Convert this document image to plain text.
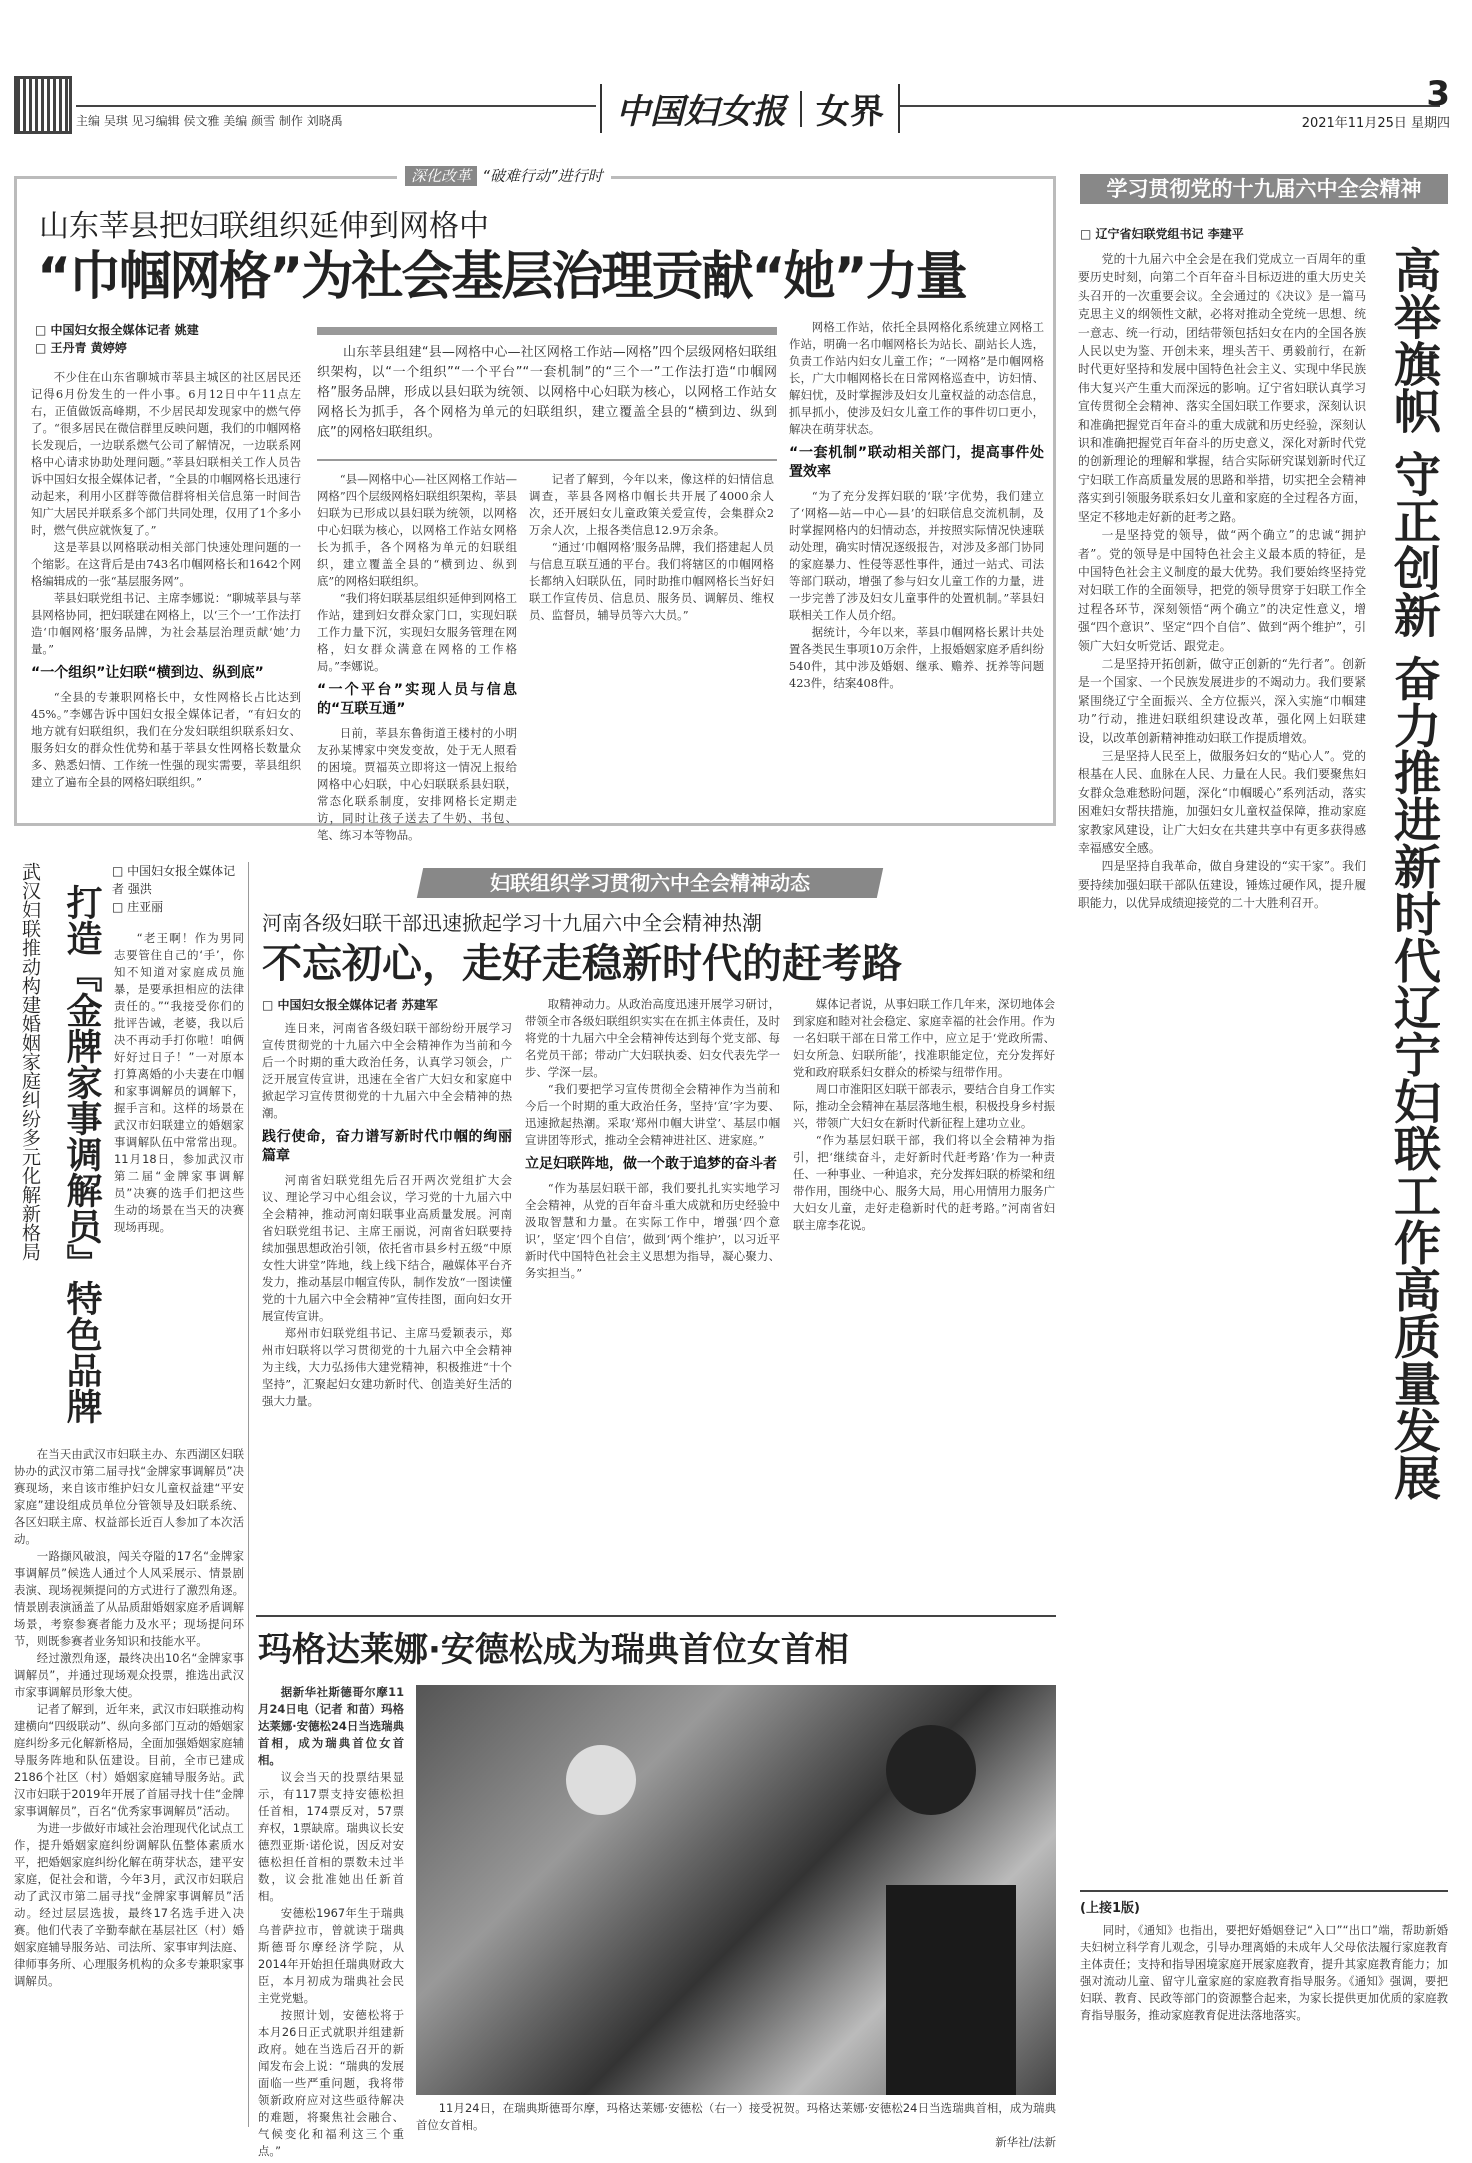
主编 吴琪 见习编辑 侯文雅 美编 颜雪 制作 刘晓禹	中国妇女报 女界	3
2021年11月25日 星期四
深化改革 “破难行动”进行时
山东莘县把妇联组织延伸到网格中
“巾帼网格”为社会基层治理贡献“她”力量
□ 中国妇女报全媒体记者 姚建
□ 王丹青 黄婷婷	山东莘县组建“县—网格中心—社区网格工作站—网格”四个层级网格妇联组织架构，以“一个组织”“一个平台”“一套机制”的“三个一”工作法打造“巾帼网格”服务品牌，形成以县妇联为统领、以网格中心妇联为核心，以网格工作站女网格长为抓手，各个网格为单元的妇联组织，建立覆盖全县的“横到边、纵到底”的网格妇联组织。

不少住在山东省聊城市莘县主城区的社区居民还记得6月份发生的一件小事。6月12日中午11点左右，正值做饭高峰期，不少居民却发现家中的燃气停了。“很多居民在微信群里反映问题，我们的巾帼网格长发现后，一边联系燃气公司了解情况，一边联系网格中心请求协助处理问题。”莘县妇联相关工作人员告诉中国妇女报全媒体记者，“全县的巾帼网格长迅速行动起来，利用小区群等微信群将相关信息第一时间告知广大居民并联系多个部门共同处理，仅用了1个多小时，燃气供应就恢复了。”

这是莘县以网格联动相关部门快速处理问题的一个缩影。在这背后是由743名巾帼网格长和1642个网格编辑成的一张“基层服务网”。

莘县妇联党组书记、主席李娜说：“聊城莘县与莘县网格协同，把妇联建在网格上，以‘三个一’工作法打造‘巾帼网格’服务品牌，为社会基层治理贡献‘她’力量。”

“一个组织”让妇联“横到边、纵到底”

“全县的专兼职网格长中，女性网格长占比达到45%。”李娜告诉中国妇女报全媒体记者，“有妇女的地方就有妇联组织，我们在分发妇联组织联系妇女、服务妇女的群众性优势和基于莘县女性网格长数量众多、熟悉妇情、工作统一性强的现实需要，莘县组织建立了遍布全县的网格妇联组织。”

“县—网格中心—社区网格工作站—网格”四个层级网格妇联组织架构，莘县妇联为已形成以县妇联为统领，以网格中心妇联为核心，以网格工作站女网格长为抓手，各个网格为单元的妇联组织，建立覆盖全县的“横到边、纵到底”的网格妇联组织。

“我们将妇联基层组织延伸到网格工作站，建到妇女群众家门口，实现妇联工作力量下沉，实现妇女服务管理在网格，妇女群众满意在网格的工作格局。”李娜说。

“一个平台”实现人员与信息的“互联互通”

日前，莘县东鲁街道王楼村的小明友孙某博家中突发变故，处于无人照看的困境。贾福英立即将这一情况上报给网格中心妇联，中心妇联联系县妇联，常态化联系制度，安排网格长定期走访，同时让孩子送去了牛奶、书包、笔、练习本等物品。

记者了解到，今年以来，像这样的妇情信息调查，莘县各网格巾帼长共开展了4000余人次，还开展妇女儿童政策关爱宣传，会集群众2万余人次，上报各类信息12.9万余条。

“通过‘巾帼网格’服务品牌，我们搭建起人员与信息互联互通的平台。我们将辖区的巾帼网格长都纳入妇联队伍，同时助推巾帼网格长当好妇联工作宣传员、信息员、服务员、调解员、维权员、监督员，辅导员等六大员。”

网格工作站，依托全县网格化系统建立网格工作站，明确一名巾帼网格长为站长、副站长人选，负责工作站内妇女儿童工作；“一网格”是巾帼网格长，广大巾帼网格长在日常网格巡查中，访妇情、解妇忧，及时掌握涉及妇女儿童权益的动态信息，抓早抓小，使涉及妇女儿童工作的事件切口更小，解决在萌芽状态。

“一套机制”联动相关部门，提高事件处置效率

“为了充分发挥妇联的‘联’字优势，我们建立了‘网格—站—中心—县’的妇联信息交流机制，及时掌握网格内的妇情动态，并按照实际情况快速联动处理，确实时情况逐级报告，对涉及多部门协同的家庭暴力、性侵等恶性事件，通过一站式、司法等部门联动，增强了参与妇女儿童工作的力量，进一步完善了涉及妇女儿童事件的处置机制。”莘县妇联相关工作人员介绍。

据统计，今年以来，莘县巾帼网格长累计共处置各类民生事项10万余件，上报婚姻家庭矛盾纠纷540件，其中涉及婚姻、继承、赡养、抚养等问题423件，结案408件。

学习贯彻党的十九届六中全会精神
□ 辽宁省妇联党组书记 李建平
高举旗帜 守正创新 奋力推进新时代辽宁妇联工作高质量发展

党的十九届六中全会是在我们党成立一百周年的重要历史时刻，向第二个百年奋斗目标迈进的重大历史关头召开的一次重要会议。全会通过的《决议》是一篇马克思主义的纲领性文献，必将对推动全党统一思想、统一意志、统一行动，团结带领包括妇女在内的全国各族人民以史为鉴、开创未来，埋头苦干、勇毅前行，在新时代更好坚持和发展中国特色社会主义、实现中华民族伟大复兴产生重大而深远的影响。辽宁省妇联认真学习宣传贯彻全会精神、落实全国妇联工作要求，深刻认识和准确把握党百年奋斗的重大成就和历史经验，深刻认识和准确把握党百年奋斗的历史意义，深化对新时代党的创新理论的理解和掌握，结合实际研究谋划新时代辽宁妇联工作高质量发展的思路和举措，切实把全会精神落实到引领服务联系妇女儿童和家庭的全过程各方面，坚定不移地走好新的赶考之路。

一是坚持党的领导，做“两个确立”的忠诚“拥护者”。党的领导是中国特色社会主义最本质的特征，是中国特色社会主义制度的最大优势。我们要始终坚持党对妇联工作的全面领导，把党的领导贯穿于妇联工作全过程各环节，深刻领悟“两个确立”的决定性意义，增强“四个意识”、坚定“四个自信”、做到“两个维护”，引领广大妇女听党话、跟党走。

二是坚持开拓创新，做守正创新的“先行者”。创新是一个国家、一个民族发展进步的不竭动力。我们要紧紧围绕辽宁全面振兴、全方位振兴，深入实施“巾帼建功”行动，推进妇联组织建设改革，强化网上妇联建设，以改革创新精神推动妇联工作提质增效。

三是坚持人民至上，做服务妇女的“贴心人”。党的根基在人民、血脉在人民、力量在人民。我们要聚焦妇女群众急难愁盼问题，深化“巾帼暖心”系列活动，落实困难妇女帮扶措施，加强妇女儿童权益保障，推动家庭家教家风建设，让广大妇女在共建共享中有更多获得感幸福感安全感。

四是坚持自我革命，做自身建设的“实干家”。我们要持续加强妇联干部队伍建设，锤炼过硬作风，提升履职能力，以优异成绩迎接党的二十大胜利召开。

(上接1版)

同时，《通知》也指出，要把好婚姻登记“入口”“出口”端，帮助新婚夫妇树立科学育儿观念，引导办理离婚的未成年人父母依法履行家庭教育主体责任；支持和指导困境家庭开展家庭教育，提升其家庭教育能力；加强对流动儿童、留守儿童家庭的家庭教育指导服务。《通知》强调，要把妇联、教育、民政等部门的资源整合起来，为家长提供更加优质的家庭教育指导服务，推动家庭教育促进法落地落实。

武汉妇联推动构建婚姻家庭纠纷多元化解新格局 打造『金牌家事调解员』特色品牌
□ 中国妇女报全媒体记者 强洪
□ 庄亚丽

“老王啊！作为男同志要管住自己的‘手’，你知不知道对家庭成员施暴，是要承担相应的法律责任的。”“我接受你们的批评告诫，老婆，我以后决不再动手打你啦！咱俩好好过日子！”一对原本打算离婚的小夫妻在巾帼和家事调解员的调解下，握手言和。这样的场景在武汉市妇联建立的婚姻家事调解队伍中常常出现。11月18日，参加武汉市第二届“金牌家事调解员”决赛的选手们把这些生动的场景在当天的决赛现场再现。

在当天由武汉市妇联主办、东西湖区妇联协办的武汉市第二届寻找“金牌家事调解员”决赛现场，来自该市维护妇女儿童权益建“平安家庭”建设组成员单位分管领导及妇联系统、各区妇联主席、权益部长近百人参加了本次活动。

一路撷风破浪，闯关夺隘的17名“金牌家事调解员”候选人通过个人风采展示、情景剧表演、现场视频提问的方式进行了激烈角逐。情景剧表演涵盖了从品质甜婚姻家庭矛盾调解场景，考察参赛者能力及水平；现场提问环节，则既参赛者业务知识和技能水平。

经过激烈角逐，最终决出10名“金牌家事调解员”，并通过现场观众投票，推选出武汉市家事调解员形象大使。

记者了解到，近年来，武汉市妇联推动构建横向“四级联动”、纵向多部门互动的婚姻家庭纠纷多元化解新格局，全面加强婚姻家庭辅导服务阵地和队伍建设。目前，全市已建成2186个社区（村）婚姻家庭辅导服务站。武汉市妇联于2019年开展了首届寻找十佳“金牌家事调解员”，百名“优秀家事调解员”活动。

为进一步做好市域社会治理现代化试点工作，提升婚姻家庭纠纷调解队伍整体素质水平，把婚姻家庭纠纷化解在萌芽状态，建平安家庭，促社会和谐，今年3月，武汉市妇联启动了武汉市第二届寻找“金牌家事调解员”活动。经过层层选拔，最终17名选手进入决赛。他们代表了辛勤奉献在基层社区（村）婚姻家庭辅导服务站、司法所、家事审判法庭、律师事务所、心理服务机构的众多专兼职家事调解员。

妇联组织学习贯彻六中全会精神动态
河南各级妇联干部迅速掀起学习十九届六中全会精神热潮
不忘初心，走好走稳新时代的赶考路
□ 中国妇女报全媒体记者 苏建军

连日来，河南省各级妇联干部纷纷开展学习宣传贯彻党的十九届六中全会精神作为当前和今后一个时期的重大政治任务，认真学习领会，广泛开展宣传宣讲，迅速在全省广大妇女和家庭中掀起学习宣传贯彻党的十九届六中全会精神的热潮。

践行使命，奋力谱写新时代巾帼的绚丽篇章

河南省妇联党组先后召开两次党组扩大会议、理论学习中心组会议，学习党的十九届六中全会精神，推动河南妇联事业高质量发展。河南省妇联党组书记、主席王丽说，河南省妇联要持续加强思想政治引领，依托省市县乡村五级“中原女性大讲堂”阵地，线上线下结合，融媒体平台齐发力，推动基层巾帼宣传队，制作发放“一图读懂党的十九届六中全会精神”宣传挂图，面向妇女开展宣传宣讲。

郑州市妇联党组书记、主席马爱颖表示，郑州市妇联将以学习贯彻党的十九届六中全会精神为主线，大力弘扬伟大建党精神，积极推进“十个坚持”，汇聚起妇女建功新时代、创造美好生活的强大力量。

取精神动力。从政治高度迅速开展学习研讨，带领全市各级妇联组织实实在在抓主体责任，及时将党的十九届六中全会精神传达到每个党支部、每名党员干部；带动广大妇联执委、妇女代表先学一步、学深一层。

“我们要把学习宣传贯彻全会精神作为当前和今后一个时期的重大政治任务，坚持‘宣’字为要、迅速掀起热潮。采取‘郑州巾帼大讲堂’、基层巾帼宣讲团等形式，推动全会精神进社区、进家庭。”

立足妇联阵地，做一个敢于追梦的奋斗者

“作为基层妇联干部，我们要扎扎实实地学习全会精神，从党的百年奋斗重大成就和历史经验中汲取智慧和力量。在实际工作中，增强‘四个意识’，坚定‘四个自信’，做到‘两个维护’，以习近平新时代中国特色社会主义思想为指导，凝心聚力、务实担当。”

媒体记者说，从事妇联工作几年来，深切地体会到家庭和睦对社会稳定、家庭幸福的社会作用。作为一名妇联干部在日常工作中，应立足于‘党政所需、妇女所急、妇联所能’，找准职能定位，充分发挥好党和政府联系妇女群众的桥梁与纽带作用。

周口市淮阳区妇联干部表示，要结合自身工作实际，推动全会精神在基层落地生根，积极投身乡村振兴，带领广大妇女在新时代新征程上建功立业。

“作为基层妇联干部，我们将以全会精神为指引，把‘继续奋斗，走好新时代赶考路’作为一种责任、一种事业、一种追求，充分发挥妇联的桥梁和纽带作用，围绕中心、服务大局，用心用情用力服务广大妇女儿童，走好走稳新时代的赶考路。”河南省妇联主席李花说。

玛格达莱娜·安德松成为瑞典首位女首相

据新华社斯德哥尔摩11月24日电（记者 和苗）玛格达莱娜·安德松24日当选瑞典首相，成为瑞典首位女首相。

议会当天的投票结果显示，有117票支持安德松担任首相，174票反对，57票弃权，1票缺席。瑞典议长安德烈亚斯·诺伦说，因反对安德松担任首相的票数未过半数，议会批准她出任新首相。

安德松1967年生于瑞典乌普萨拉市，曾就读于瑞典斯德哥尔摩经济学院，从2014年开始担任瑞典财政大臣，本月初成为瑞典社会民主党党魁。

按照计划，安德松将于本月26日正式就职并组建新政府。她在当选后召开的新闻发布会上说：“瑞典的发展面临一些严重问题，我将带领新政府应对这些亟待解决的难题，将聚焦社会融合、气候变化和福利这三个重点。”

11月24日，在瑞典斯德哥尔摩，玛格达莱娜·安德松（右一）接受祝贺。玛格达莱娜·安德松24日当选瑞典首相，成为瑞典首位女首相。

新华社/法新
